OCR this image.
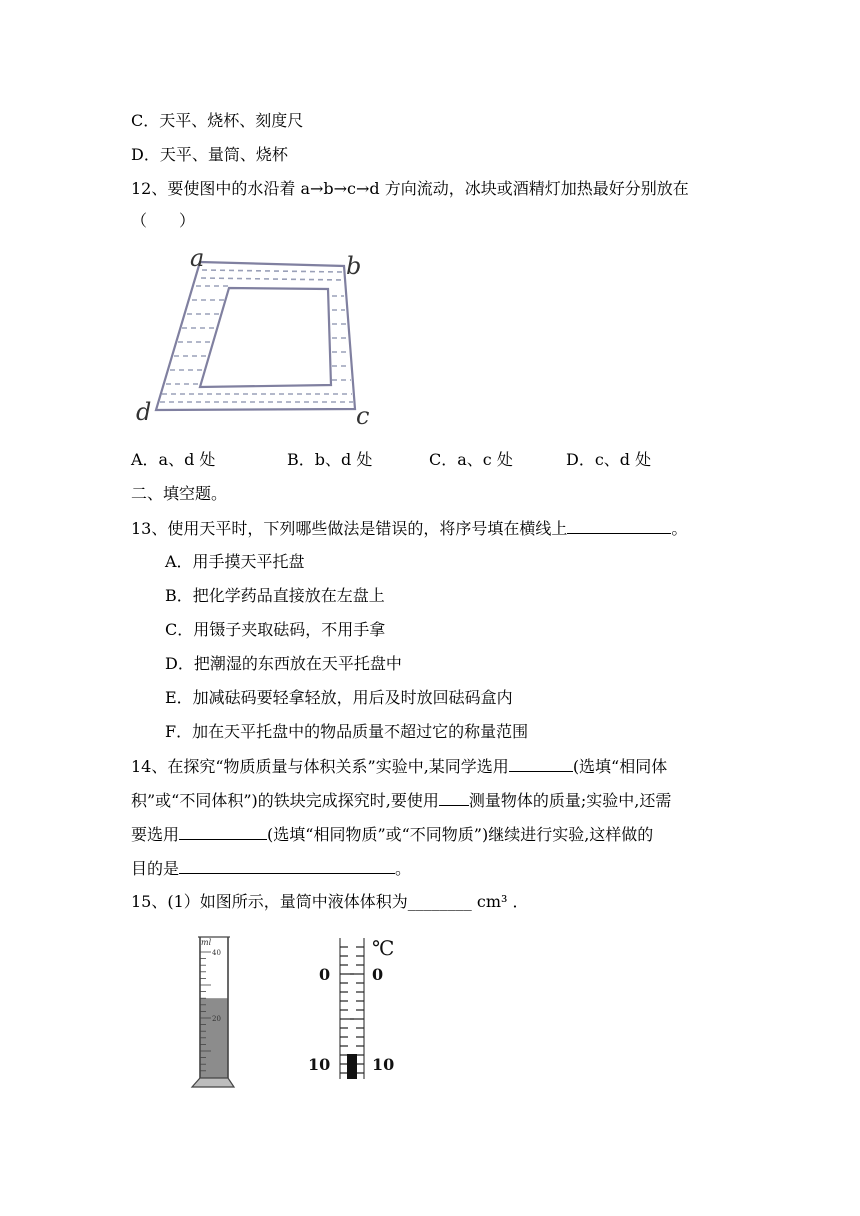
C．天平、烧杯、刻度尺
D．天平、量筒、烧杯
12、要使图中的水沿着 a→b→c→d 方向流动，冰块或酒精灯加热最好分别放在
（　　）
a	b
c
d
A．a、d 处	B．b、d 处	C．a、c 处	D．c、d 处
二、填空题。
13、使用天平时，下列哪些做法是错误的，将序号填在横线上	。
A．用手摸天平托盘
B．把化学药品直接放在左盘上
C．用镊子夹取砝码，不用手拿
D．把潮湿的东西放在天平托盘中
E．加减砝码要轻拿轻放，用后及时放回砝码盒内
F．加在天平托盘中的物品质量不超过它的称量范围
14、在探究“物质质量与体积关系”实验中,某同学选用	(选填“相同体
积”或“不同体积”)的铁块完成探究时,要使用 测量物体的质量;实验中,还需
要选用	(选填“相同物质”或“不同物质”)继续进行实验,这样做的
目的是	。
15、(1）如图所示，量筒中液体体积为________ cm³ ．
ml
40
20
℃
0	0
10	10
